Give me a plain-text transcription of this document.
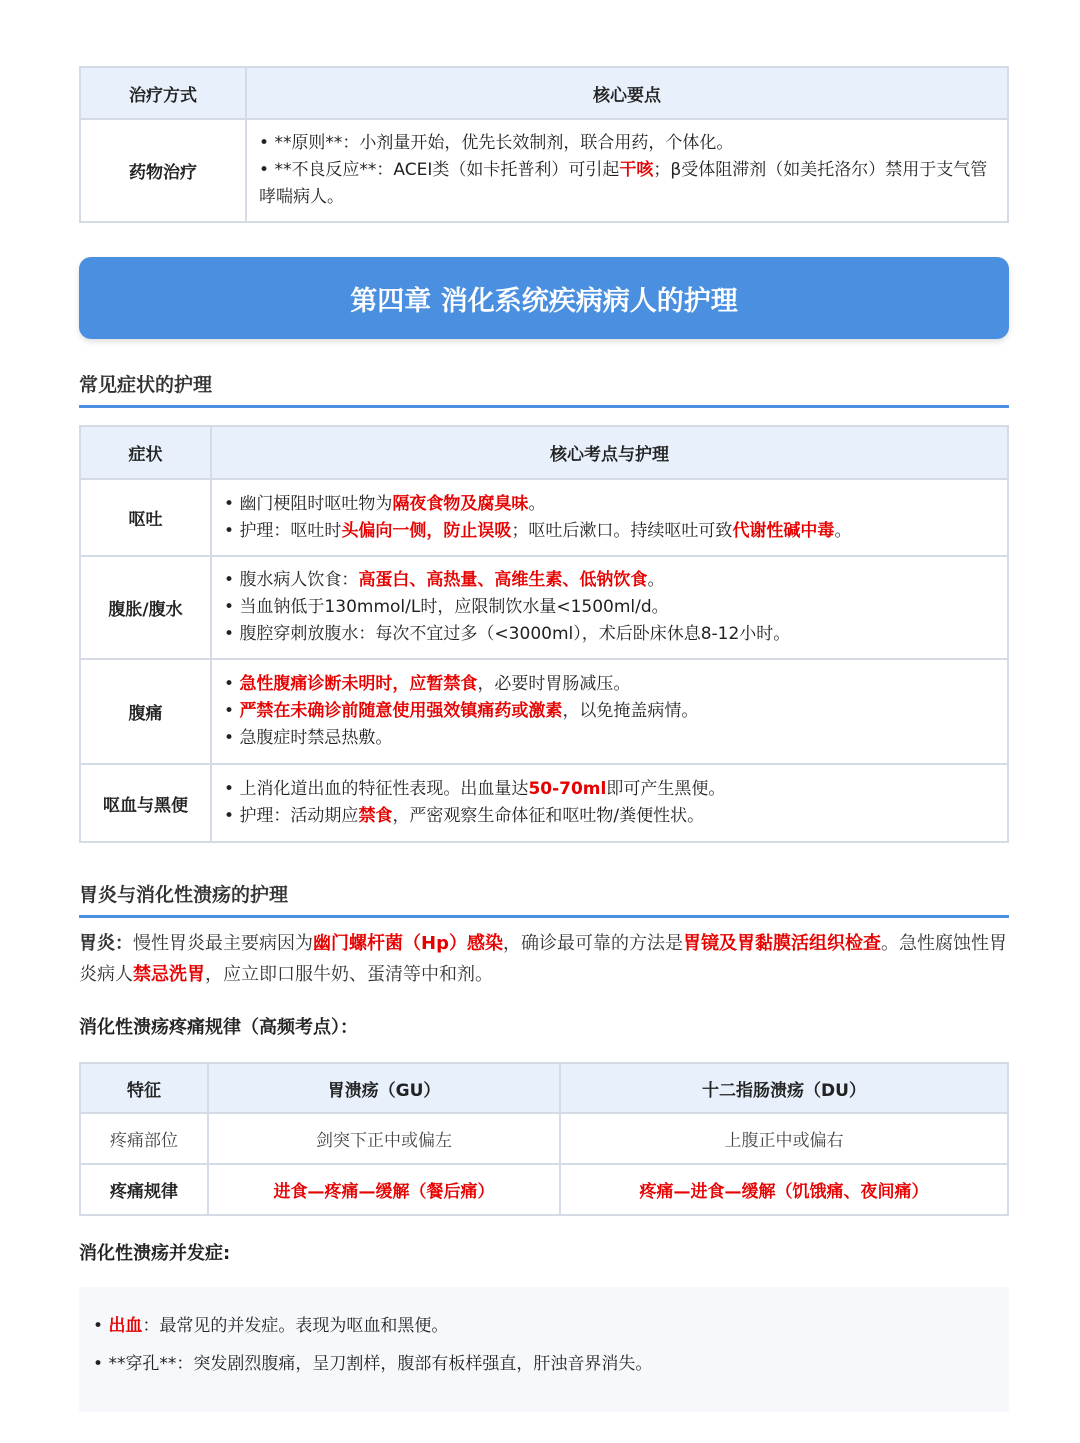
治疗方式	核心要点
药物治疗	• **原则**：小剂量开始，优先长效制剂，联合用药，个体化。
• **不良反应**：ACEI类（如卡托普利）可引起干咳；β受体阻滞剂（如美托洛尔）禁用于支气管哮喘病人。
第四章 消化系统疾病病人的护理
常见症状的护理
症状	核心考点与护理
呕吐	• 幽门梗阻时呕吐物为隔夜食物及腐臭味。
• 护理：呕吐时头偏向一侧，防止误吸；呕吐后漱口。持续呕吐可致代谢性碱中毒。

腹胀/腹水	• 腹水病人饮食：高蛋白、高热量、高维生素、低钠饮食。
• 当血钠低于130mmol/L时，应限制饮水量<1500ml/d。
• 腹腔穿刺放腹水：每次不宜过多（<3000ml），术后卧床休息8-12小时。

腹痛	• 急性腹痛诊断未明时，应暂禁食，必要时胃肠减压。
• 严禁在未确诊前随意使用强效镇痛药或激素，以免掩盖病情。
• 急腹症时禁忌热敷。

呕血与黑便	• 上消化道出血的特征性表现。出血量达50-70ml即可产生黑便。
• 护理：活动期应禁食，严密观察生命体征和呕吐物/粪便性状。
胃炎与消化性溃疡的护理
胃炎：慢性胃炎最主要病因为幽门螺杆菌（Hp）感染，确诊最可靠的方法是胃镜及胃黏膜活组织检查。急性腐蚀性胃炎病人禁忌洗胃，应立即口服牛奶、蛋清等中和剂。
消化性溃疡疼痛规律（高频考点）：
特征	胃溃疡（GU）	十二指肠溃疡（DU）
疼痛部位	剑突下正中或偏左	上腹正中或偏右
疼痛规律	进食—疼痛—缓解（餐后痛）	疼痛—进食—缓解（饥饿痛、夜间痛）
消化性溃疡并发症:
• 出血：最常见的并发症。表现为呕血和黑便。
• **穿孔**：突发剧烈腹痛，呈刀割样，腹部有板样强直，肝浊音界消失。
